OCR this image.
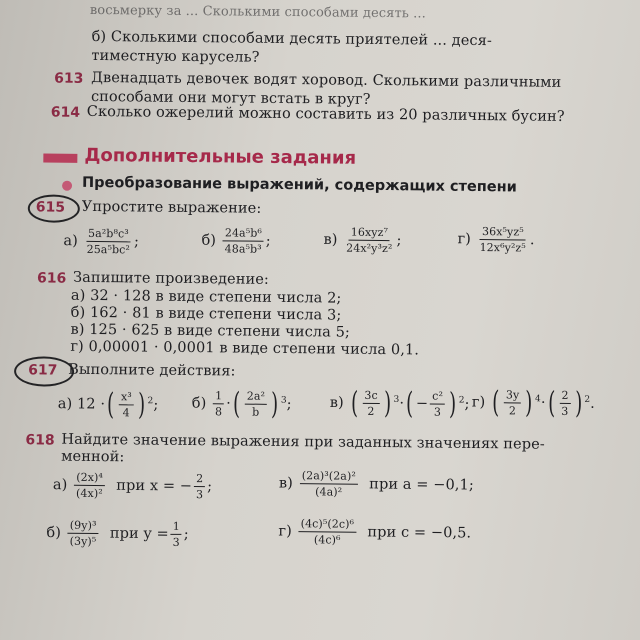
восьмерку за ... Сколькими способами десять ...
б) Сколькими способами десять приятелей ... деся-
тиместную карусель?
613 Двенадцать девочек водят хоровод. Сколькими различными
способами они могут встать в круг?
614 Сколько ожерелий можно составить из 20 различных бусин?
Дополнительные задания
Преобразование выражений, содержащих степени
615 Упростите выражение:
$а) \frac{\text{5a²b⁸c³}}{\text{25a⁵bc²}}$ ;	$б) \frac{\text{24a⁵b⁶}}{\text{48a⁵b³}}$ ;	$в) \frac{\text{16xyz⁷}}{\text{24x²y³z²}}$ ;	$г) \frac{\text{36x⁵yz⁵}}{\text{12x⁶y²z⁵}}$ .
616 Запишите произведение:
а) 32 · 128 в виде степени числа 2;
б) 162 · 81 в виде степени числа 3;
в) 125 · 625 в виде степени числа 5;
г) 0,00001 · 0,0001 в виде степени числа 0,1.
617 Выполните действия:
а) 12 ·( $\frac{\text{x³}}{4}$ ) $^2$; $б) \frac{1}{8}$ ·( $\frac{\text{2a²}}{b}$ ) $^3$;	в) ( $\frac{3c}{2}$ ) $^3\cdot( - \frac{\text{c²}}{3}$ ) $^2$; г) ( $\frac{3y}{2}$ ) $^4\cdot( \frac{2}{3}$ ) $^2$.
618 Найдите значение выражения при заданных значениях пере-
менной:
$а) \frac{\text{(2x)⁴}}{\text{(4x)²}}$ при x = − $\frac{2}{3}$ ;	$в) \frac{\text{(2a)³(2a)²}}{\text{(4a)²}}$ при a = −0,1;
$б) \frac{\text{(9y)³}}{\text{(3y)⁵}}$ при $y = \frac{1}{3}$ ;	$г) \frac{\text{(4c)⁵(2c)⁶}}{\text{(4c)⁶}}$ при c = −0,5.
